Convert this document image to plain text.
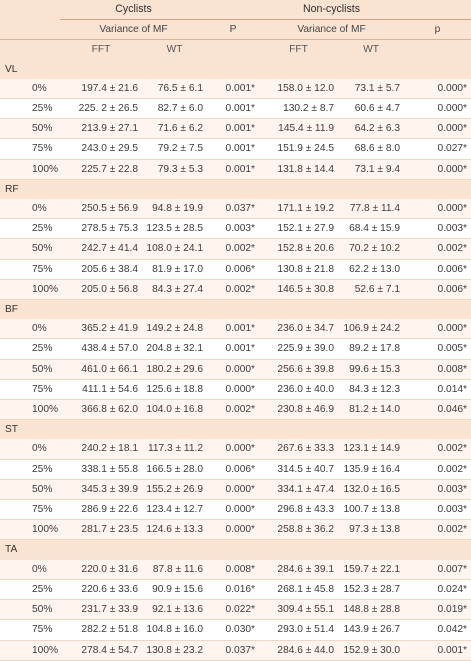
	Cyclists			Non-cyclists		
	Variance of MF		P	Variance of MF		p
	FFT	WT		FFT	WT	
VL						
0%	197.4 ± 21.6	76.5 ± 6.1	0.001*	158.0 ± 12.0	73.1 ± 5.7	0.000*
25%	225. 2 ± 26.5	82.7 ± 6.0	0.001*	130.2 ± 8.7	60.6 ± 4.7	0.000*
50%	213.9 ± 27.1	71.6 ± 6.2	0.001*	145.4 ± 11.9	64.2 ± 6.3	0.000*
75%	243.0 ± 29.5	79.2 ± 7.5	0.001*	151.9 ± 24.5	68.6 ± 8.0	0.027*
100%	225.7 ± 22.8	79.3 ± 5.3	0.001*	131.8 ± 14.4	73.1 ± 9.4	0.000*
RF						
0%	250.5 ± 56.9	94.8 ± 19.9	0.037*	171.1 ± 19.2	77.8 ± 11.4	0.000*
25%	278.5 ± 75.3	123.5 ± 28.5	0.003*	152.1 ± 27.9	68.4 ± 15.9	0.003*
50%	242.7 ± 41.4	108.0 ± 24.1	0.002*	152.8 ± 20.6	70.2 ± 10.2	0.002*
75%	205.6 ± 38.4	81.9 ± 17.0	0.006*	130.8 ± 21.8	62.2 ± 13.0	0.006*
100%	205.0 ± 56.8	84.3 ± 27.4	0.002*	146.5 ± 30.8	52.6 ± 7.1	0.006*
BF						
0%	365.2 ± 41.9	149.2 ± 24.8	0.001*	236.0 ± 34.7	106.9 ± 24.2	0.000*
25%	438.4 ± 57.0	204.8 ± 32.1	0.001*	225.9 ± 39.0	89.2 ± 17.8	0.005*
50%	461.0 ± 66.1	180.2 ± 29.6	0.000*	256.6 ± 39.8	99.6 ± 15.3	0.008*
75%	411.1 ± 54.6	125.6 ± 18.8	0.000*	236.0 ± 40.0	84.3 ± 12.3	0.014*
100%	366.8 ± 62.0	104.0 ± 16.8	0.002*	230.8 ± 46.9	81.2 ± 14.0	0.046*
ST						
0%	240.2 ± 18.1	117.3 ± 11.2	0.000*	267.6 ± 33.3	123.1 ± 14.9	0.002*
25%	338.1 ± 55.8	166.5 ± 28.0	0.006*	314.5 ± 40.7	135.9 ± 16.4	0.002*
50%	345.3 ± 39.9	155.2 ± 26.9	0.000*	334.1 ± 47.4	132.0 ± 16.5	0.003*
75%	286.9 ± 22.6	123.4 ± 12.7	0.000*	296.8 ± 43.3	100.7 ± 13.8	0.003*
100%	281.7 ± 23.5	124.6 ± 13.3	0.000*	258.8 ± 36.2	97.3 ± 13.8	0.002*
TA						
0%	220.0 ± 31.6	87.8 ± 11.6	0.008*	284.6 ± 39.1	159.7 ± 22.1	0.007*
25%	220.6 ± 33.6	90.9 ± 15.6	0.016*	268.1 ± 45.8	152.3 ± 28.7	0.024*
50%	231.7 ± 33.9	92.1 ± 13.6	0.022*	309.4 ± 55.1	148.8 ± 28.8	0.019*
75%	282.2 ± 51.8	104.8 ± 16.0	0.030*	293.0 ± 51.4	143.9 ± 26.7	0.042*
100%	278.4 ± 54.7	130.8 ± 23.2	0.037*	284.6 ± 44.0	152.9 ± 30.0	0.001*
